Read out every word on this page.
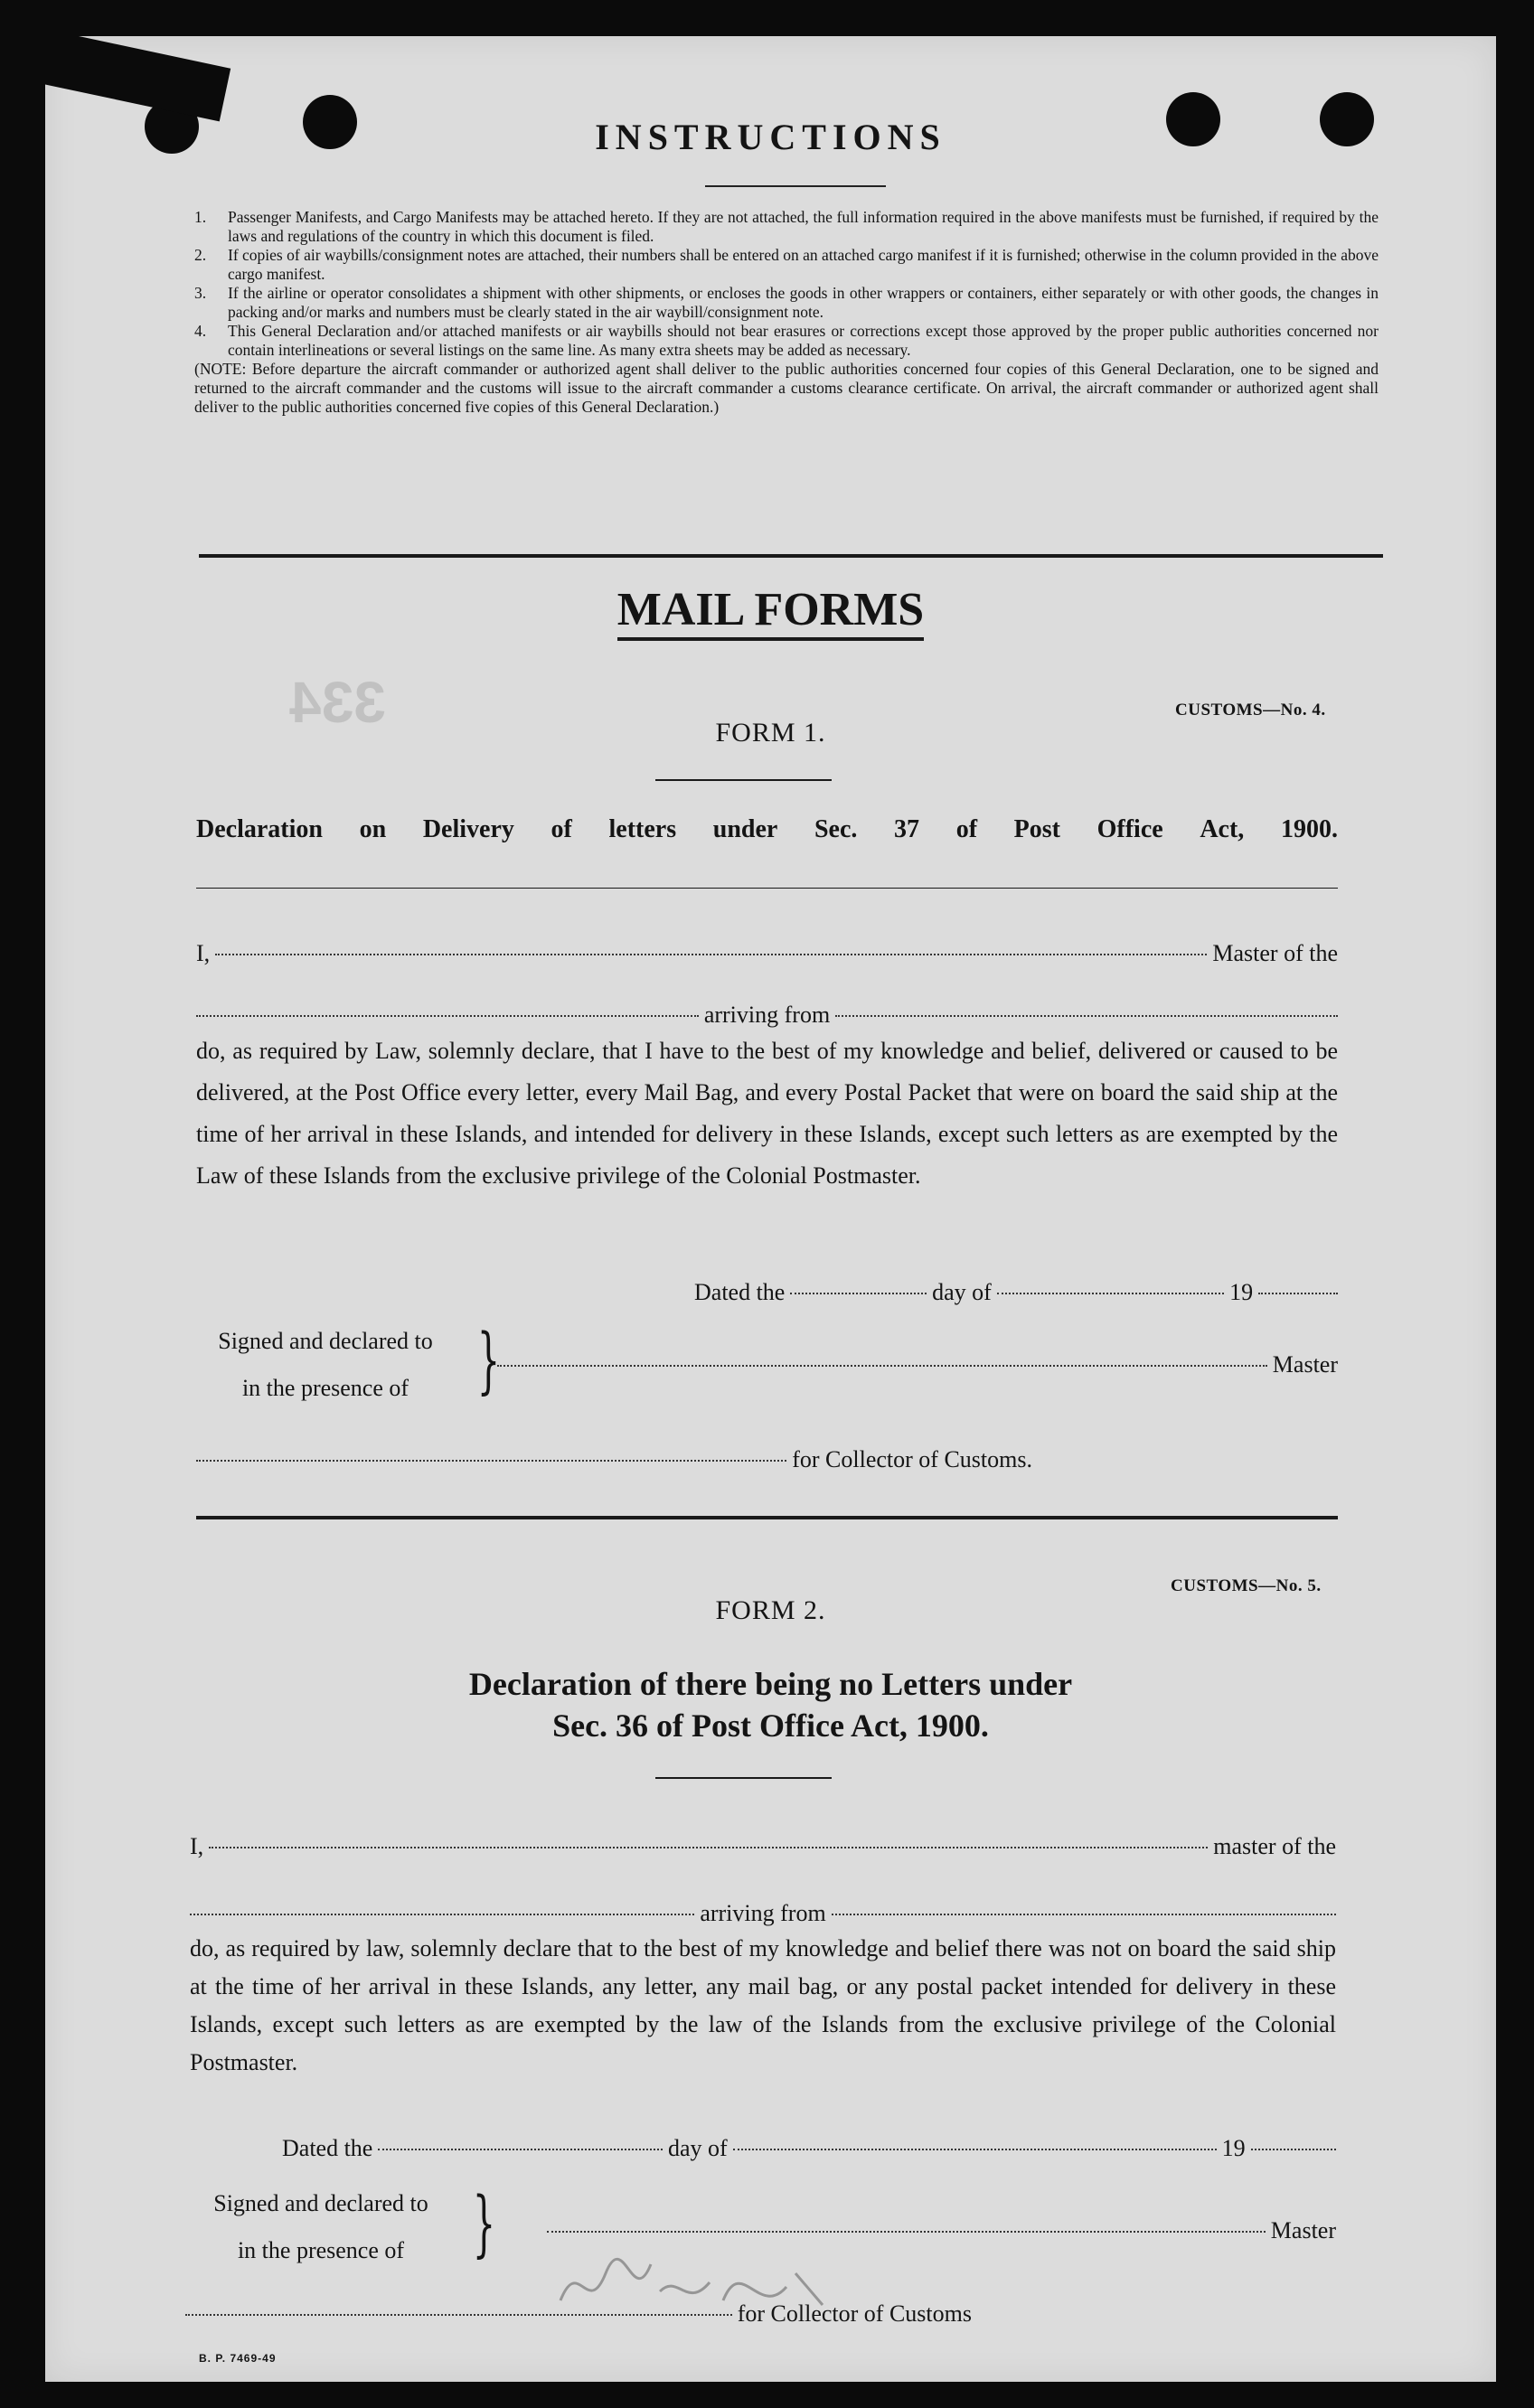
334
INSTRUCTIONS
1.	Passenger Manifests, and Cargo Manifests may be attached hereto. If they are not attached, the full information required in the above manifests must be furnished, if required by the laws and regulations of the country in which this document is filed.
2.	If copies of air waybills/consignment notes are attached, their numbers shall be entered on an attached cargo manifest if it is furnished; otherwise in the column provided in the above cargo manifest.
3.	If the airline or operator consolidates a shipment with other shipments, or encloses the goods in other wrappers or containers, either separately or with other goods, the changes in packing and/or marks and numbers must be clearly stated in the air waybill/consignment note.
4.	This General Declaration and/or attached manifests or air waybills should not bear erasures or corrections except those approved by the proper public authorities concerned nor contain interlineations or several listings on the same line. As many extra sheets may be added as necessary.
(NOTE: Before departure the aircraft commander or authorized agent shall deliver to the public authorities concerned four copies of this General Declaration, one to be signed and returned to the aircraft commander and the customs will issue to the aircraft commander a customs clearance certificate. On arrival, the aircraft commander or authorized agent shall deliver to the public authorities concerned five copies of this General Declaration.)
MAIL FORMS
CUSTOMS—No. 4.
FORM 1.
Declaration on Delivery of letters under Sec. 37 of Post Office Act, 1900.
I,	Master of the
arriving from
do, as required by Law, solemnly declare, that I have to the best of my knowledge and belief, delivered or caused to be delivered, at the Post Office every letter, every Mail Bag, and every Postal Packet that were on board the said ship at the time of her arrival in these Islands, and intended for delivery in these Islands, except such letters as are exempted by the Law of these Islands from the exclusive privilege of the Colonial Postmaster.
Dated the	day of	19
Signed and declared to
in the presence of }	Master
for Collector of Customs.
CUSTOMS—No. 5.
FORM 2.
Declaration of there being no Letters under
Sec. 36 of Post Office Act, 1900.
I,	master of the
arriving from
do, as required by law, solemnly declare that to the best of my knowledge and belief there was not on board the said ship at the time of her arrival in these Islands, any letter, any mail bag, or any postal packet intended for delivery in these Islands, except such letters as are exempted by the law of the Islands from the exclusive privilege of the Colonial Postmaster.
Dated the	day of	19
Signed and declared to
in the presence of }	Master
for Collector of Customs
B. P. 7469-49
